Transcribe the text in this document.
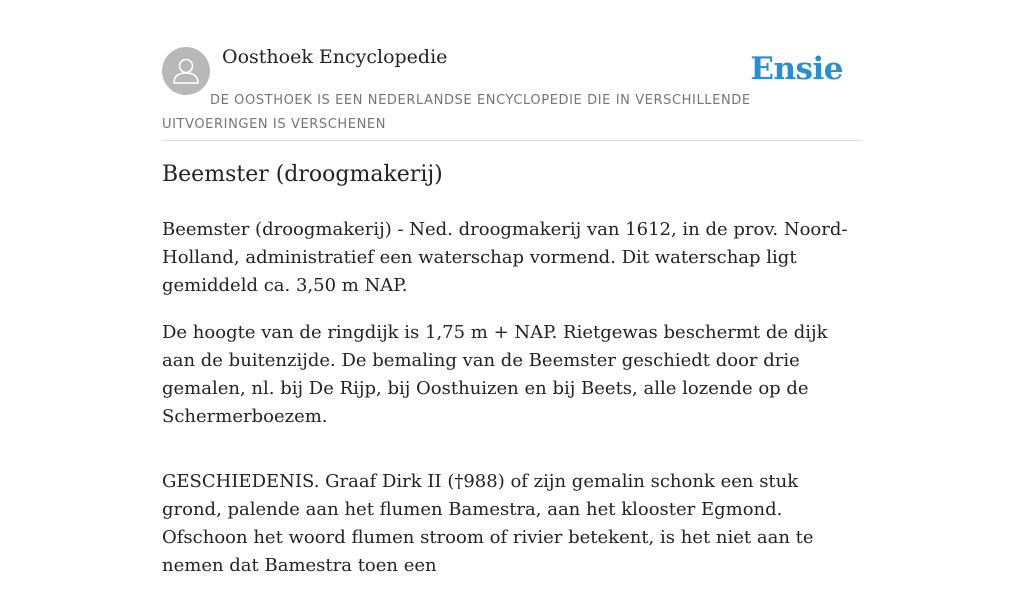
Oosthoek Encyclopedie	Ensie
DE OOSTHOEK IS EEN NEDERLANDSE ENCYCLOPEDIE DIE IN VERSCHILLENDE UITVOERINGEN IS VERSCHENEN
Beemster (droogmakerij)

Beemster (droogmakerij) - Ned. droogmakerij van 1612, in de prov. Noord-Holland, administratief een waterschap vormend. Dit waterschap ligt gemiddeld ca. 3,50 m NAP.

De hoogte van de ringdijk is 1,75 m + NAP. Rietgewas beschermt de dijk aan de buitenzijde. De bemaling van de Beemster geschiedt door drie gemalen, nl. bij De Rijp, bij Oosthuizen en bij Beets, alle lozende op de Schermerboezem.

GESCHIEDENIS. Graaf Dirk II (†988) of zijn gemalin schonk een stuk grond, palende aan het flumen Bamestra, aan het klooster Egmond. Ofschoon het woord flumen stroom of rivier betekent, is het niet aan te nemen dat Bamestra toen een
